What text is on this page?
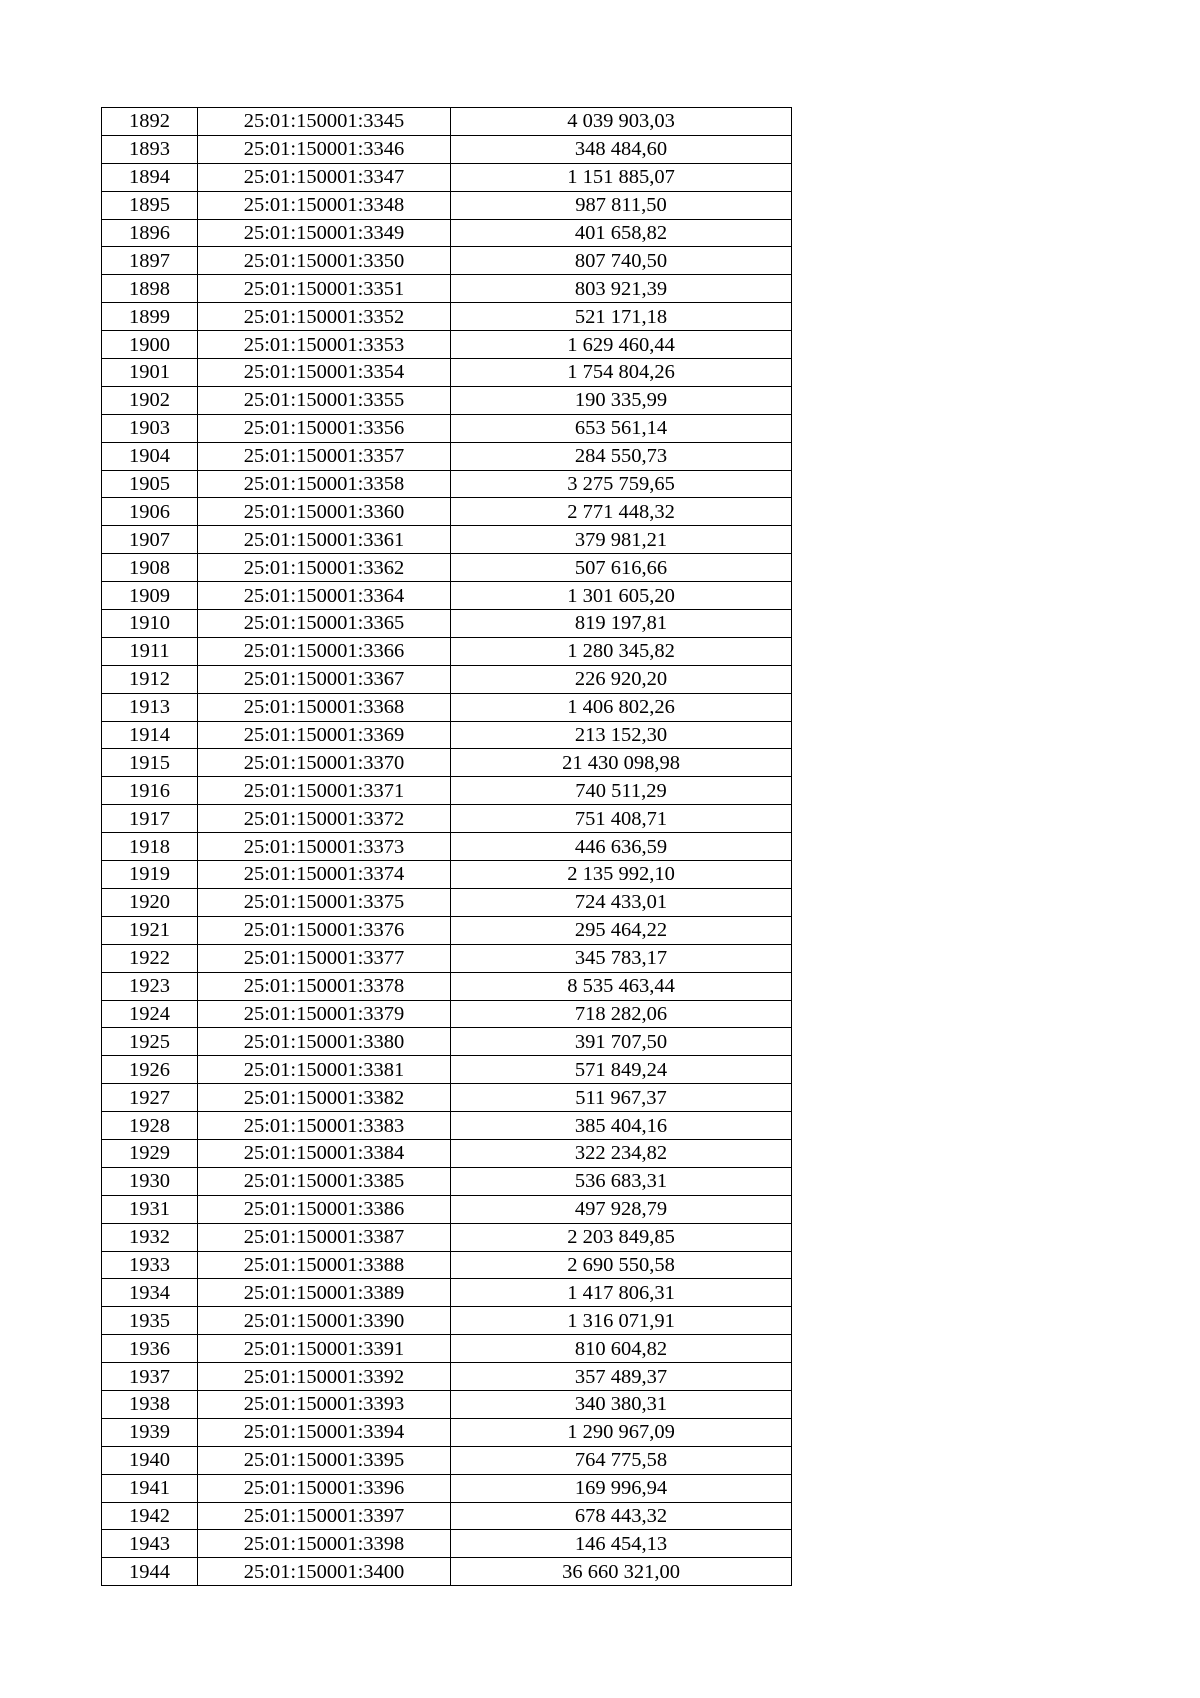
1892	25:01:150001:3345	4 039 903,03
1893	25:01:150001:3346	348 484,60
1894	25:01:150001:3347	1 151 885,07
1895	25:01:150001:3348	987 811,50
1896	25:01:150001:3349	401 658,82
1897	25:01:150001:3350	807 740,50
1898	25:01:150001:3351	803 921,39
1899	25:01:150001:3352	521 171,18
1900	25:01:150001:3353	1 629 460,44
1901	25:01:150001:3354	1 754 804,26
1902	25:01:150001:3355	190 335,99
1903	25:01:150001:3356	653 561,14
1904	25:01:150001:3357	284 550,73
1905	25:01:150001:3358	3 275 759,65
1906	25:01:150001:3360	2 771 448,32
1907	25:01:150001:3361	379 981,21
1908	25:01:150001:3362	507 616,66
1909	25:01:150001:3364	1 301 605,20
1910	25:01:150001:3365	819 197,81
1911	25:01:150001:3366	1 280 345,82
1912	25:01:150001:3367	226 920,20
1913	25:01:150001:3368	1 406 802,26
1914	25:01:150001:3369	213 152,30
1915	25:01:150001:3370	21 430 098,98
1916	25:01:150001:3371	740 511,29
1917	25:01:150001:3372	751 408,71
1918	25:01:150001:3373	446 636,59
1919	25:01:150001:3374	2 135 992,10
1920	25:01:150001:3375	724 433,01
1921	25:01:150001:3376	295 464,22
1922	25:01:150001:3377	345 783,17
1923	25:01:150001:3378	8 535 463,44
1924	25:01:150001:3379	718 282,06
1925	25:01:150001:3380	391 707,50
1926	25:01:150001:3381	571 849,24
1927	25:01:150001:3382	511 967,37
1928	25:01:150001:3383	385 404,16
1929	25:01:150001:3384	322 234,82
1930	25:01:150001:3385	536 683,31
1931	25:01:150001:3386	497 928,79
1932	25:01:150001:3387	2 203 849,85
1933	25:01:150001:3388	2 690 550,58
1934	25:01:150001:3389	1 417 806,31
1935	25:01:150001:3390	1 316 071,91
1936	25:01:150001:3391	810 604,82
1937	25:01:150001:3392	357 489,37
1938	25:01:150001:3393	340 380,31
1939	25:01:150001:3394	1 290 967,09
1940	25:01:150001:3395	764 775,58
1941	25:01:150001:3396	169 996,94
1942	25:01:150001:3397	678 443,32
1943	25:01:150001:3398	146 454,13
1944	25:01:150001:3400	36 660 321,00
